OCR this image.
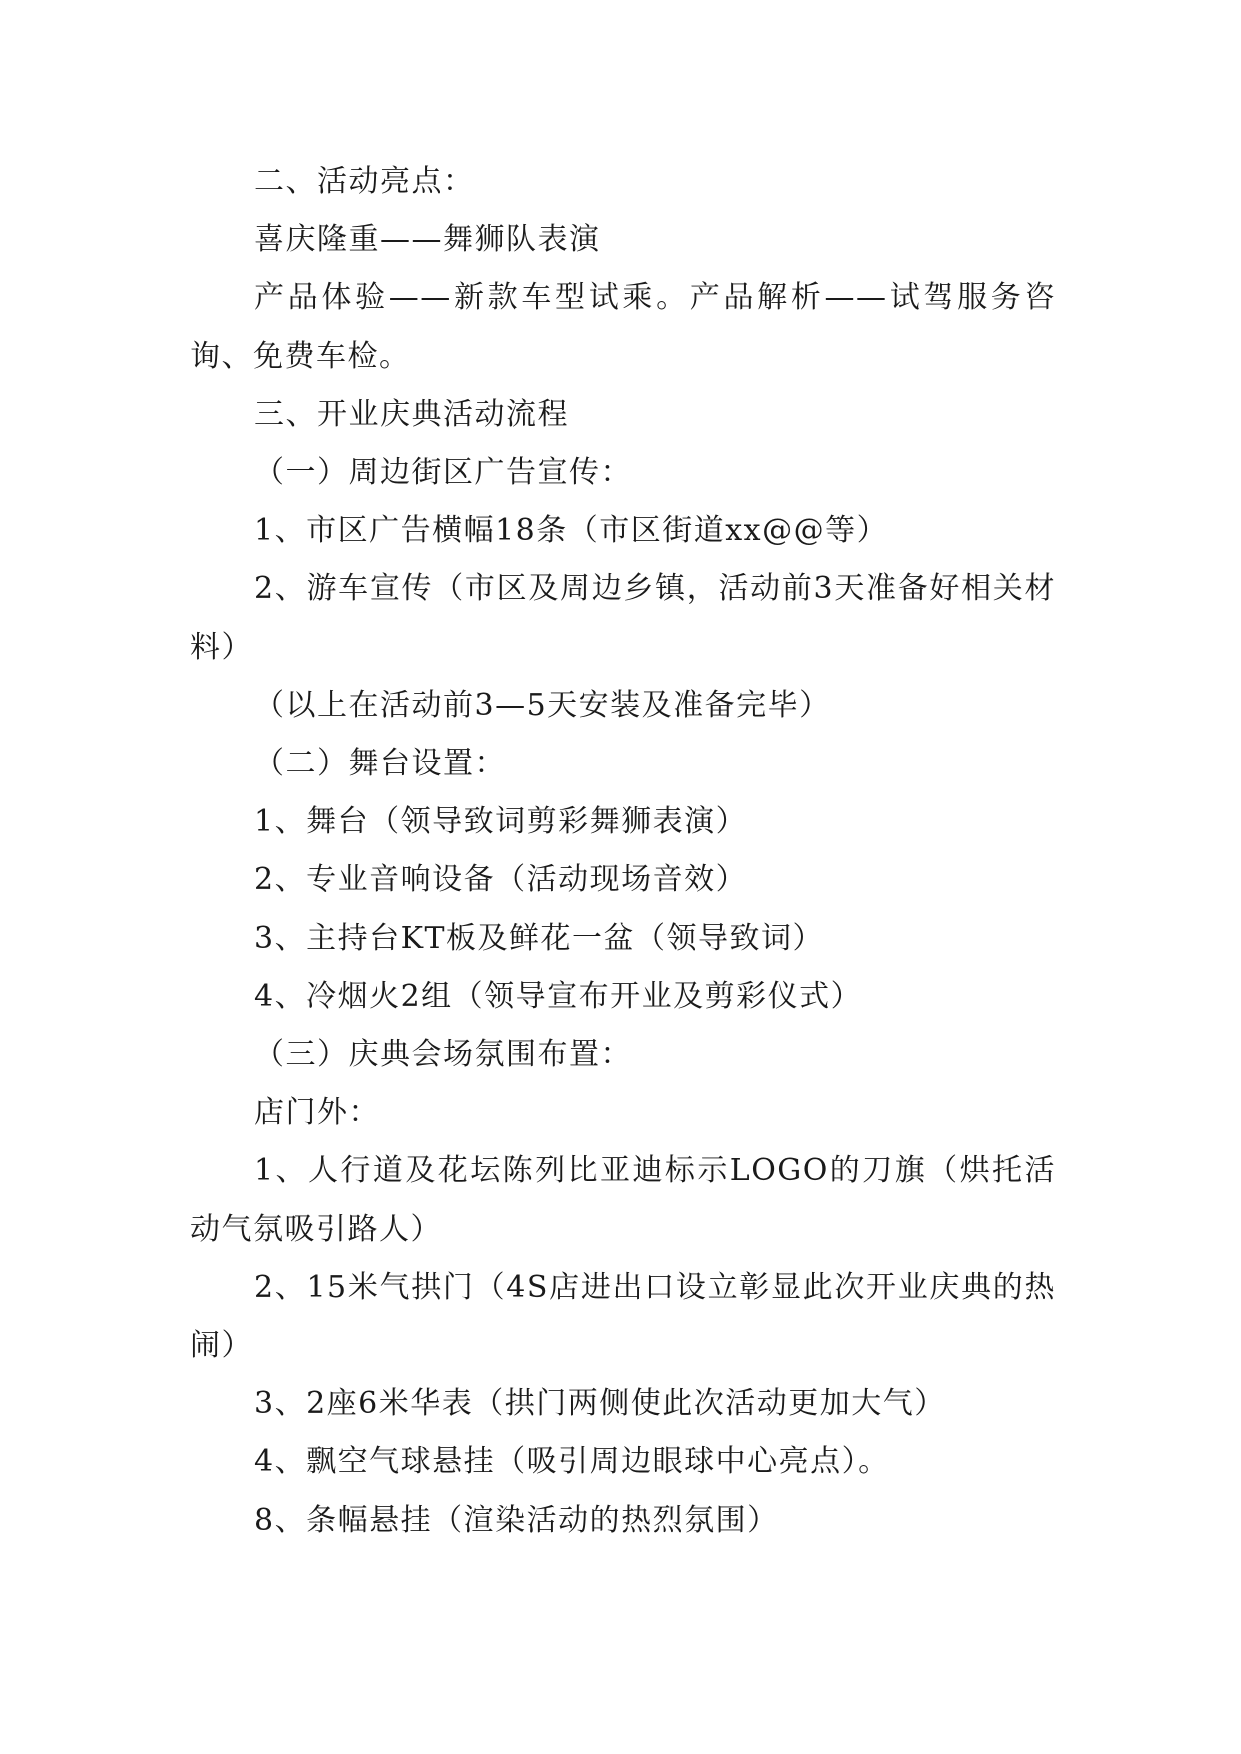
二、活动亮点：

喜庆隆重——舞狮队表演

产品体验——新款车型试乘。产品解析——试驾服务咨询、免费车检。

三、开业庆典活动流程

（一）周边街区广告宣传：

1、市区广告横幅18条（市区街道xx@@等）

2、游车宣传（市区及周边乡镇，活动前3天准备好相关材料）

（以上在活动前3—5天安装及准备完毕）

（二）舞台设置：

1、舞台（领导致词剪彩舞狮表演）

2、专业音响设备（活动现场音效）

3、主持台KT板及鲜花一盆（领导致词）

4、冷烟火2组（领导宣布开业及剪彩仪式）

（三）庆典会场氛围布置：

店门外：

1、人行道及花坛陈列比亚迪标示LOGO的刀旗（烘托活动气氛吸引路人）

2、15米气拱门（4S店进出口设立彰显此次开业庆典的热闹）

3、2座6米华表（拱门两侧使此次活动更加大气）

4、飘空气球悬挂（吸引周边眼球中心亮点）。

8、条幅悬挂（渲染活动的热烈氛围）
